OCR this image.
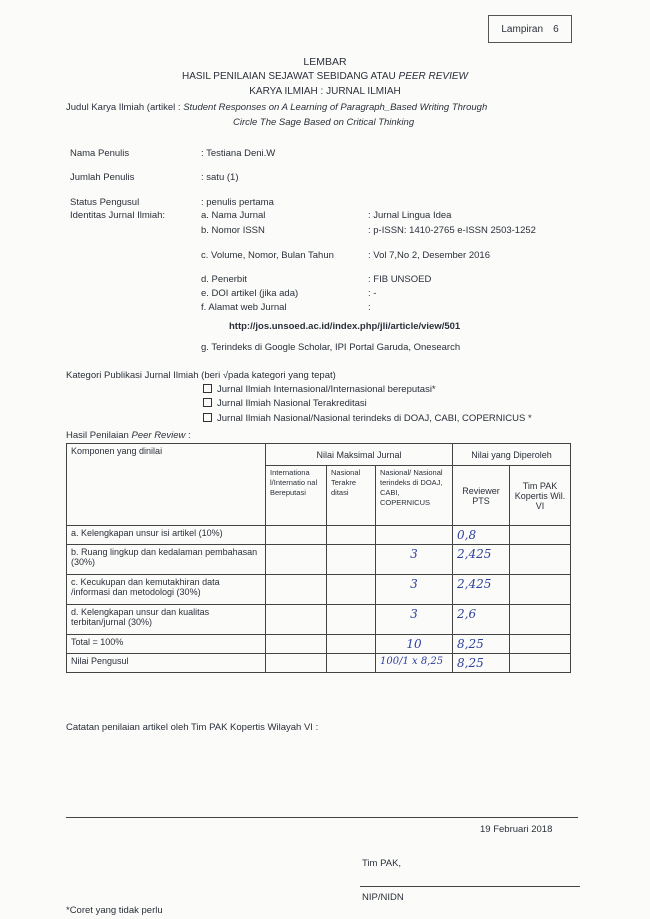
Lampiran 6
LEMBAR
HASIL PENILAIAN SEJAWAT SEBIDANG ATAU PEER REVIEW
KARYA ILMIAH : JURNAL ILMIAH
Judul Karya Ilmiah (artikel : Student Responses on A Learning of Paragraph_Based Writing Through
Circle The Sage Based on Critical Thinking
Nama Penulis	: Testiana Deni.W
Jumlah Penulis	: satu (1)
Status Pengusul	: penulis pertama
Identitas Jurnal Ilmiah:	a. Nama Jurnal	: Jurnal Lingua Idea
b. Nomor ISSN	: p-ISSN: 1410-2765 e-ISSN 2503-1252
c. Volume, Nomor, Bulan Tahun	: Vol 7,No 2, Desember 2016
d. Penerbit	: FIB UNSOED
e. DOI artikel (jika ada)	: -
f. Alamat web Jurnal	:
http://jos.unsoed.ac.id/index.php/jli/article/view/501
g. Terindeks di Google Scholar, IPI Portal Garuda, Onesearch
Kategori Publikasi Jurnal Ilmiah (beri √pada kategori yang tepat)
Jurnal Ilmiah Internasional/Internasional bereputasi*
Jurnal Ilmiah Nasional Terakreditasi
Jurnal Ilmiah Nasional/Nasional terindeks di DOAJ, CABI, COPERNICUS *
Hasil Penilaian Peer Review :
Komponen yang dinilai	Nilai Maksimal Jurnal			Nilai yang Diperoleh	
	Internationa l/Internatio nal Bereputasi	Nasional Terakre ditasi	Nasional/ Nasional terindeks di DOAJ, CABI, COPERNICUS	Reviewer PTS	Tim PAK Kopertis Wil. VI
a. Kelengkapan unsur isi artikel (10%)				0,8	
b. Ruang lingkup dan kedalaman pembahasan (30%)			3	2,425	
c. Kecukupan dan kemutakhiran data /informasi dan metodologi (30%)			3	2,425	
d. Kelengkapan unsur dan kualitas terbitan/jurnal (30%)			3	2,6	
Total = 100%			10	8,25	
Nilai Pengusul			100/1 x 8,25	8,25	
Catatan penilaian artikel oleh Tim PAK Kopertis Wilayah VI :
19 Februari 2018
Tim PAK,
NIP/NIDN
*Coret yang tidak perlu
